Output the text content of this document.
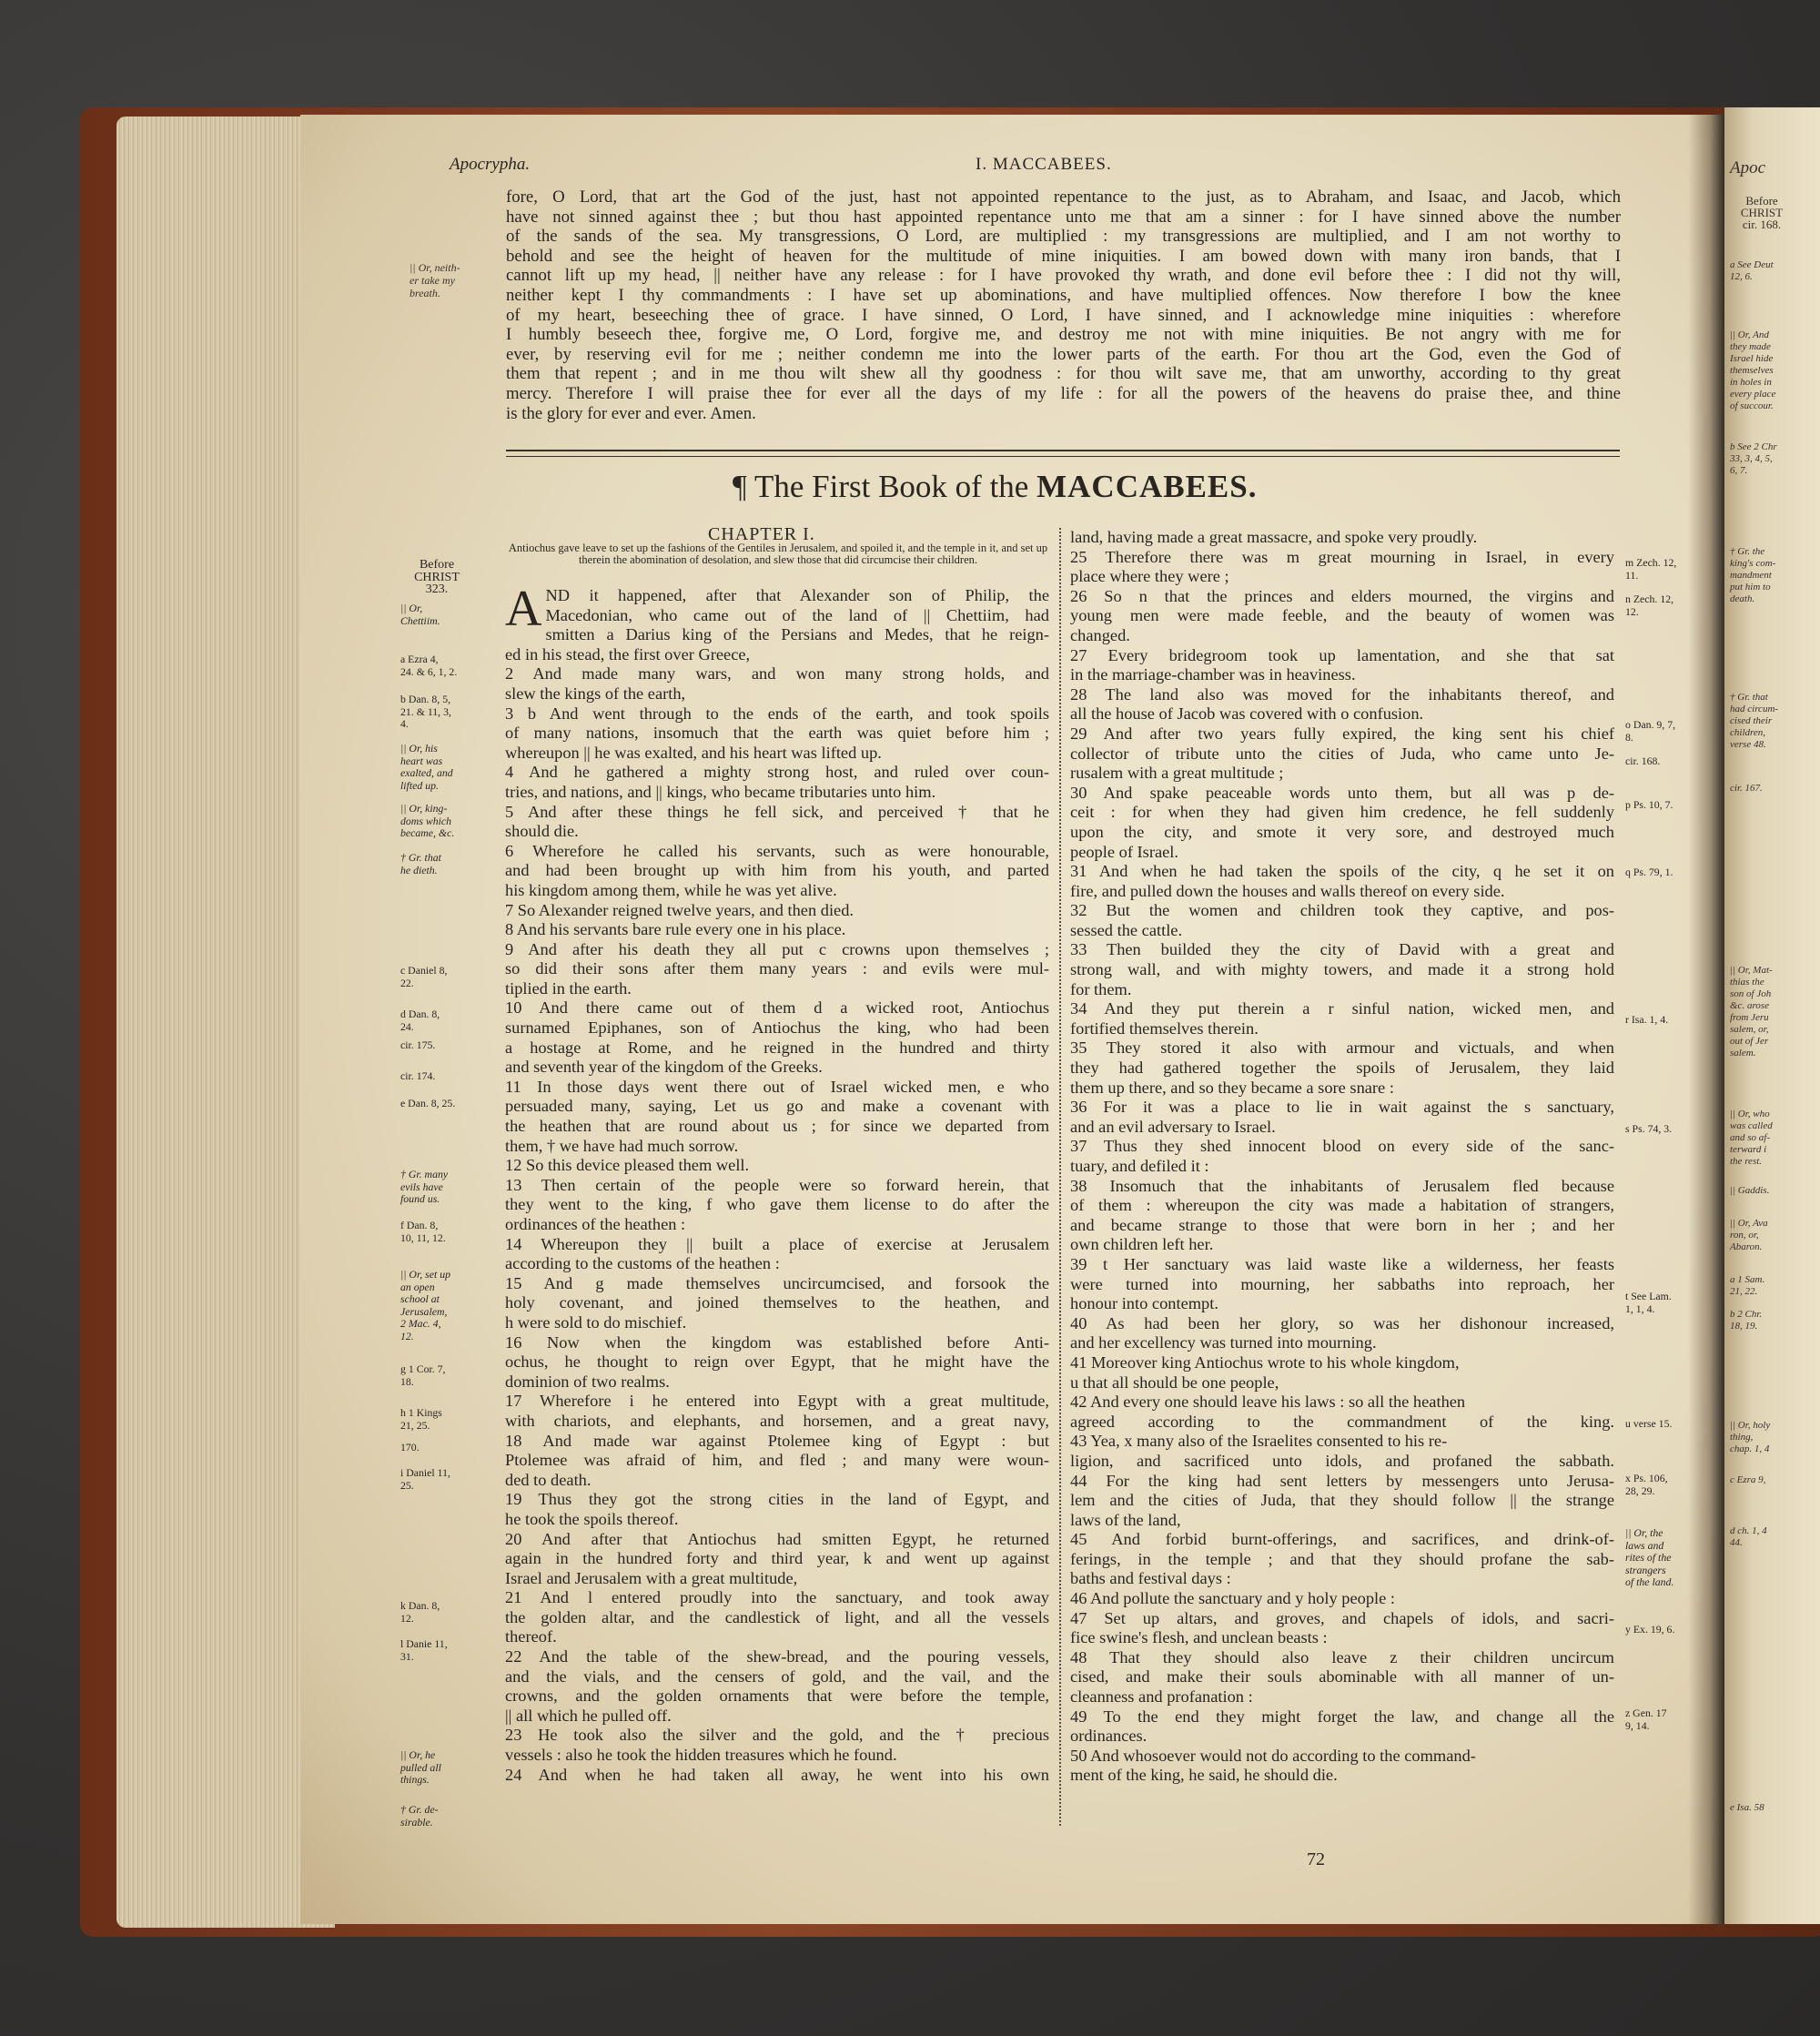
Apoc
Before
CHRIST
cir. 168.
a See Deut
12, 6.
|| Or, And
they made
Israel hide
themselves
in holes in
every place
of succour.
b See 2 Chr
33, 3, 4, 5,
6, 7.
† Gr. the
king's com-
mandment
put him to
death.
† Gr. that
had circum-
cised their
children,
verse 48.
cir. 167.
|| Or, Mat-
thias the
son of Joh
&c. arose
from Jeru
salem, or,
out of Jer
salem.
|| Or, who
was called
and so af-
terward i
the rest.
|| Gaddis.
|| Or, Ava
ron, or,
Abaron.
a 1 Sam.
21, 22.
b 2 Chr.
18, 19.
|| Or, holy
thing,
chap. 1, 4
c Ezra 9,
d ch. 1, 4
44.
e Isa. 58
Apocrypha.	I. MACCABEES.
fore, O Lord, that art the God of the just, hast not appointed repentance to the just, as to Abraham, and Isaac, and Jacob, which
have not sinned against thee ; but thou hast appointed repentance unto me that am a sinner : for I have sinned above the number
of the sands of the sea. My transgressions, O Lord, are multiplied : my transgressions are multiplied, and I am not worthy to
behold and see the height of heaven for the multitude of mine iniquities. I am bowed down with many iron bands, that I
cannot lift up my head, || neither have any release : for I have provoked thy wrath, and done evil before thee : I did not thy will,
neither kept I thy commandments : I have set up abominations, and have multiplied offences. Now therefore I bow the knee
of my heart, beseeching thee of grace. I have sinned, O Lord, I have sinned, and I acknowledge mine iniquities : wherefore
I humbly beseech thee, forgive me, O Lord, forgive me, and destroy me not with mine iniquities. Be not angry with me for
ever, by reserving evil for me ; neither condemn me into the lower parts of the earth. For thou art the God, even the God of
them that repent ; and in me thou wilt shew all thy goodness : for thou wilt save me, that am unworthy, according to thy great
mercy. Therefore I will praise thee for ever all the days of my life : for all the powers of the heavens do praise thee, and thine
is the glory for ever and ever. Amen.
|| Or, neith-
er take my
breath.
¶ The First Book of the MACCABEES.
CHAPTER I.
Antiochus gave leave to set up the fashions of the Gentiles in Jerusalem, and spoiled it, and the temple in it, and set up therein the abomination of desolation, and slew those that did circumcise their children.
A ND it happened, after that Alexander son of Philip, the
Macedonian, who came out of the land of || Chettiim, had
smitten a Darius king of the Persians and Medes, that he reign-
ed in his stead, the first over Greece,
2 And made many wars, and won many strong holds, and
slew the kings of the earth,
3 b And went through to the ends of the earth, and took spoils
of many nations, insomuch that the earth was quiet before him ;
whereupon || he was exalted, and his heart was lifted up.
4 And he gathered a mighty strong host, and ruled over coun-
tries, and nations, and || kings, who became tributaries unto him.
5 And after these things he fell sick, and perceived † that he
should die.
6 Wherefore he called his servants, such as were honourable,
and had been brought up with him from his youth, and parted
his kingdom among them, while he was yet alive.
7 So Alexander reigned twelve years, and then died.
8 And his servants bare rule every one in his place.
9 And after his death they all put c crowns upon themselves ;
so did their sons after them many years : and evils were mul-
tiplied in the earth.
10 And there came out of them d a wicked root, Antiochus
surnamed Epiphanes, son of Antiochus the king, who had been
a hostage at Rome, and he reigned in the hundred and thirty
and seventh year of the kingdom of the Greeks.
11 In those days went there out of Israel wicked men, e who
persuaded many, saying, Let us go and make a covenant with
the heathen that are round about us ; for since we departed from
them, † we have had much sorrow.
12 So this device pleased them well.
13 Then certain of the people were so forward herein, that
they went to the king, f who gave them license to do after the
ordinances of the heathen :
14 Whereupon they || built a place of exercise at Jerusalem
according to the customs of the heathen :
15 And g made themselves uncircumcised, and forsook the
holy covenant, and joined themselves to the heathen, and
h were sold to do mischief.
16 Now when the kingdom was established before Anti-
ochus, he thought to reign over Egypt, that he might have the
dominion of two realms.
17 Wherefore i he entered into Egypt with a great multitude,
with chariots, and elephants, and horsemen, and a great navy,
18 And made war against Ptolemee king of Egypt : but
Ptolemee was afraid of him, and fled ; and many were woun-
ded to death.
19 Thus they got the strong cities in the land of Egypt, and
he took the spoils thereof.
20 And after that Antiochus had smitten Egypt, he returned
again in the hundred forty and third year, k and went up against
Israel and Jerusalem with a great multitude,
21 And l entered proudly into the sanctuary, and took away
the golden altar, and the candlestick of light, and all the vessels
thereof.
22 And the table of the shew-bread, and the pouring vessels,
and the vials, and the censers of gold, and the vail, and the
crowns, and the golden ornaments that were before the temple,
|| all which he pulled off.
23 He took also the silver and the gold, and the † precious
vessels : also he took the hidden treasures which he found.
24 And when he had taken all away, he went into his own
land, having made a great massacre, and spoke very proudly.
25 Therefore there was m great mourning in Israel, in every
place where they were ;
26 So n that the princes and elders mourned, the virgins and
young men were made feeble, and the beauty of women was
changed.
27 Every bridegroom took up lamentation, and she that sat
in the marriage-chamber was in heaviness.
28 The land also was moved for the inhabitants thereof, and
all the house of Jacob was covered with o confusion.
29 And after two years fully expired, the king sent his chief
collector of tribute unto the cities of Juda, who came unto Je-
rusalem with a great multitude ;
30 And spake peaceable words unto them, but all was p de-
ceit : for when they had given him credence, he fell suddenly
upon the city, and smote it very sore, and destroyed much
people of Israel.
31 And when he had taken the spoils of the city, q he set it on
fire, and pulled down the houses and walls thereof on every side.
32 But the women and children took they captive, and pos-
sessed the cattle.
33 Then builded they the city of David with a great and
strong wall, and with mighty towers, and made it a strong hold
for them.
34 And they put therein a r sinful nation, wicked men, and
fortified themselves therein.
35 They stored it also with armour and victuals, and when
they had gathered together the spoils of Jerusalem, they laid
them up there, and so they became a sore snare :
36 For it was a place to lie in wait against the s sanctuary,
and an evil adversary to Israel.
37 Thus they shed innocent blood on every side of the sanc-
tuary, and defiled it :
38 Insomuch that the inhabitants of Jerusalem fled because
of them : whereupon the city was made a habitation of strangers,
and became strange to those that were born in her ; and her
own children left her.
39 t Her sanctuary was laid waste like a wilderness, her feasts
were turned into mourning, her sabbaths into reproach, her
honour into contempt.
40 As had been her glory, so was her dishonour increased,
and her excellency was turned into mourning.
41 Moreover king Antiochus wrote to his whole kingdom,
u that all should be one people,
42 And every one should leave his laws : so all the heathen
agreed according to the commandment of the king.
43 Yea, x many also of the Israelites consented to his re-
ligion, and sacrificed unto idols, and profaned the sabbath.
44 For the king had sent letters by messengers unto Jerusa-
lem and the cities of Juda, that they should follow || the strange
laws of the land,
45 And forbid burnt-offerings, and sacrifices, and drink-of-
ferings, in the temple ; and that they should profane the sab-
baths and festival days :
46 And pollute the sanctuary and y holy people :
47 Set up altars, and groves, and chapels of idols, and sacri-
fice swine's flesh, and unclean beasts :
48 That they should also leave z their children uncircum
cised, and make their souls abominable with all manner of un-
cleanness and profanation :
49 To the end they might forget the law, and change all the
ordinances.
50 And whosoever would not do according to the command-
ment of the king, he said, he should die.
Before
CHRIST
323.
|| Or,
Chettiim.
a Ezra 4,
24. & 6, 1, 2.
b Dan. 8, 5,
21. & 11, 3,
4.
|| Or, his
heart was
exalted, and
lifted up.
|| Or, king-
doms which
became, &c.
† Gr. that
he dieth.
c Daniel 8,
22.
d Dan. 8,
24.
cir. 175.
cir. 174.
e Dan. 8, 25.
† Gr. many
evils have
found us.
f Dan. 8,
10, 11, 12.
|| Or, set up
an open
school at
Jerusalem,
2 Mac. 4,
12.
g 1 Cor. 7,
18.
h 1 Kings
21, 25.
170.
i Daniel 11,
25.
k Dan. 8,
12.
l Danie 11,
31.
|| Or, he
pulled all
things.
† Gr. de-
sirable.
m Zech. 12,
11.
n Zech. 12,
12.
o Dan. 9, 7,
8.
cir. 168.
p Ps. 10, 7.
q Ps. 79, 1.
r Isa. 1, 4.
s Ps. 74, 3.
t See Lam.
1, 1, 4.
u verse 15.
x Ps. 106,
28, 29.
|| Or, the
laws and
rites of the
strangers
of the land.
y Ex. 19, 6.
z Gen. 17
9, 14.
72
